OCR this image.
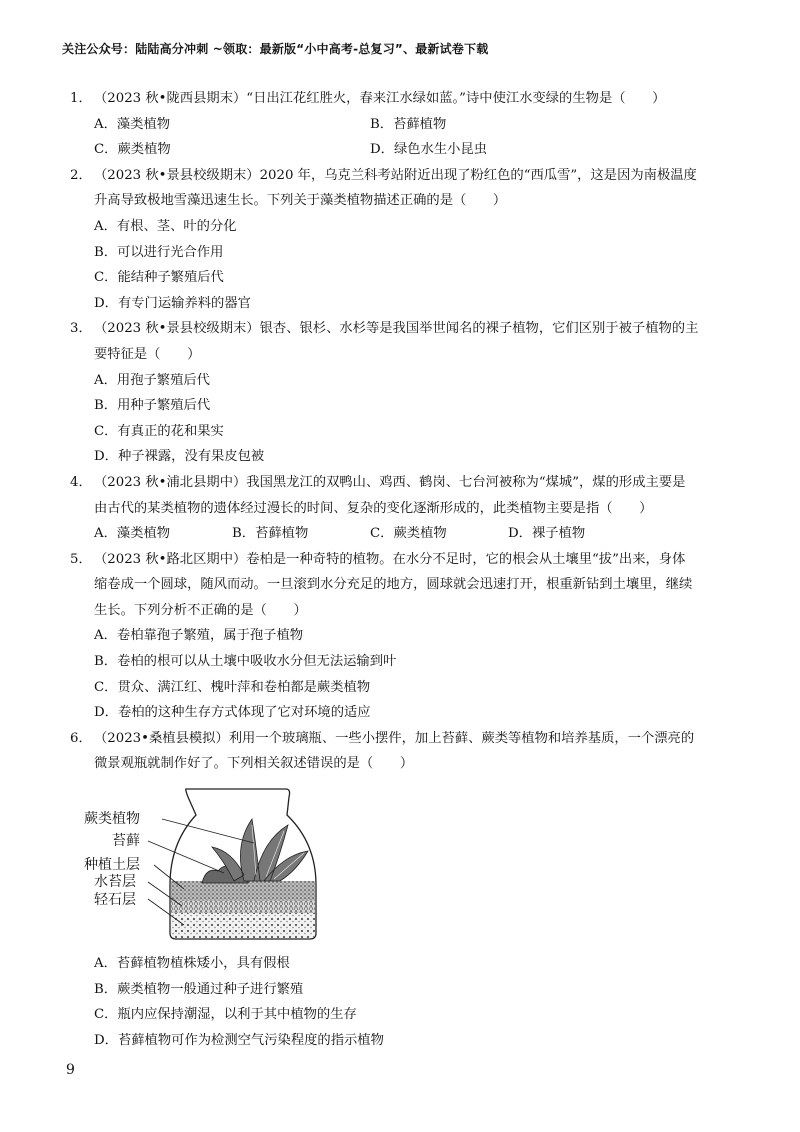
关注公众号：陆陆高分冲刺 ~领取：最新版“小中高考-总复习”、最新试卷下载
1． （2023 秋•陇西县期末）“日出江花红胜火，春来江水绿如蓝。”诗中使江水变绿的生物是（　　）
A．藻类植物	B．苔藓植物
C．蕨类植物	D．绿色水生小昆虫
2． （2023 秋•景县校级期末）2020 年，乌克兰科考站附近出现了粉红色的“西瓜雪”，这是因为南极温度
升高导致极地雪藻迅速生长。下列关于藻类植物描述正确的是（　　）
A．有根、茎、叶的分化
B．可以进行光合作用
C．能结种子繁殖后代
D．有专门运输养料的器官
3． （2023 秋•景县校级期末）银杏、银杉、水杉等是我国举世闻名的裸子植物，它们区别于被子植物的主
要特征是（　　）
A．用孢子繁殖后代
B．用种子繁殖后代
C．有真正的花和果实
D．种子裸露，没有果皮包被
4． （2023 秋•浦北县期中）我国黑龙江的双鸭山、鸡西、鹤岗、七台河被称为“煤城”，煤的形成主要是
由古代的某类植物的遗体经过漫长的时间、复杂的变化逐渐形成的，此类植物主要是指（　　）
A．藻类植物	B．苔藓植物	C．蕨类植物	D．裸子植物
5． （2023 秋•路北区期中）卷柏是一种奇特的植物。在水分不足时，它的根会从土壤里“拔”出来，身体
缩卷成一个圆球，随风而动。一旦滚到水分充足的地方，圆球就会迅速打开，根重新钻到土壤里，继续
生长。下列分析不正确的是（　　）
A．卷柏靠孢子繁殖，属于孢子植物
B．卷柏的根可以从土壤中吸收水分但无法运输到叶
C．贯众、满江红、槐叶萍和卷柏都是蕨类植物
D．卷柏的这种生存方式体现了它对环境的适应
6． （2023•桑植县模拟）利用一个玻璃瓶、一些小摆件，加上苔藓、蕨类等植物和培养基质，一个漂亮的
微景观瓶就制作好了。下列相关叙述错误的是（　　）
蕨类植物
苔藓
种植土层
水苔层
轻石层
A．苔藓植物植株矮小，具有假根
B．蕨类植物一般通过种子进行繁殖
C．瓶内应保持潮湿，以利于其中植物的生存
D．苔藓植物可作为检测空气污染程度的指示植物
9
